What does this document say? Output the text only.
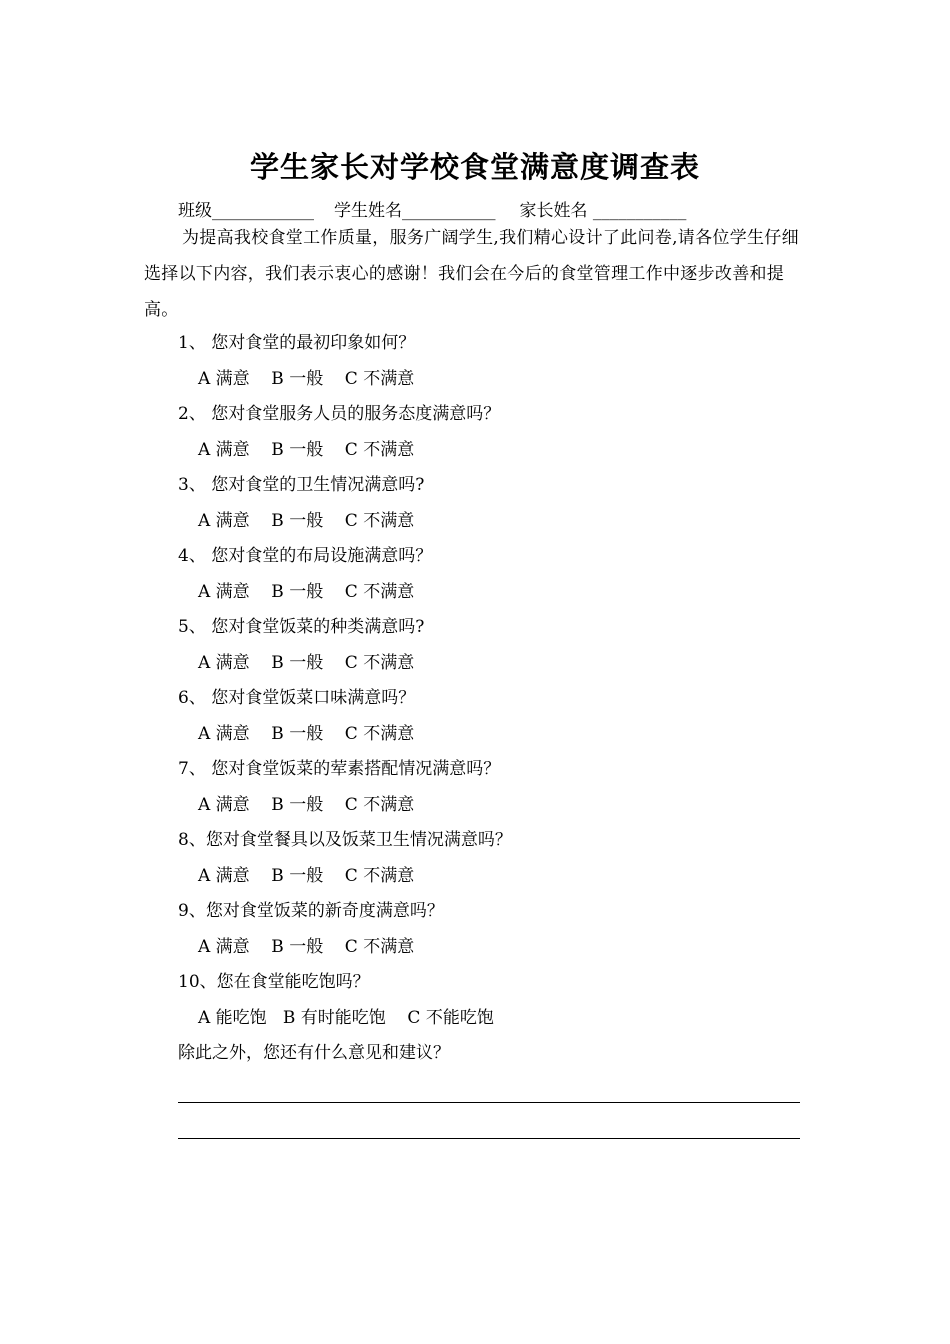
学生家长对学校食堂满意度调查表
班级____________ 学生姓名___________ 家长姓名 ___________
为提高我校食堂工作质量，服务广阔学生,我们精心设计了此问卷,请各位学生仔细选择以下内容，我们表示衷心的感谢！我们会在今后的食堂管理工作中逐步改善和提高。
1、 您对食堂的最初印象如何？
A 满意    B 一般    C 不满意
2、 您对食堂服务人员的服务态度满意吗？
A 满意    B 一般    C 不满意
3、 您对食堂的卫生情况满意吗?
A 满意    B 一般    C 不满意
4、 您对食堂的布局设施满意吗？
A 满意    B 一般    C 不满意
5、 您对食堂饭菜的种类满意吗?
A 满意    B 一般    C 不满意
6、 您对食堂饭菜口味满意吗？
A 满意    B 一般    C 不满意
7、 您对食堂饭菜的荤素搭配情况满意吗？
A 满意    B 一般    C 不满意
8、您对食堂餐具以及饭菜卫生情况满意吗？
A 满意    B 一般    C 不满意
9、您对食堂饭菜的新奇度满意吗？
A 满意    B 一般    C 不满意
10、您在食堂能吃饱吗？
A 能吃饱   B 有时能吃饱    C 不能吃饱
除此之外，您还有什么意见和建议？
